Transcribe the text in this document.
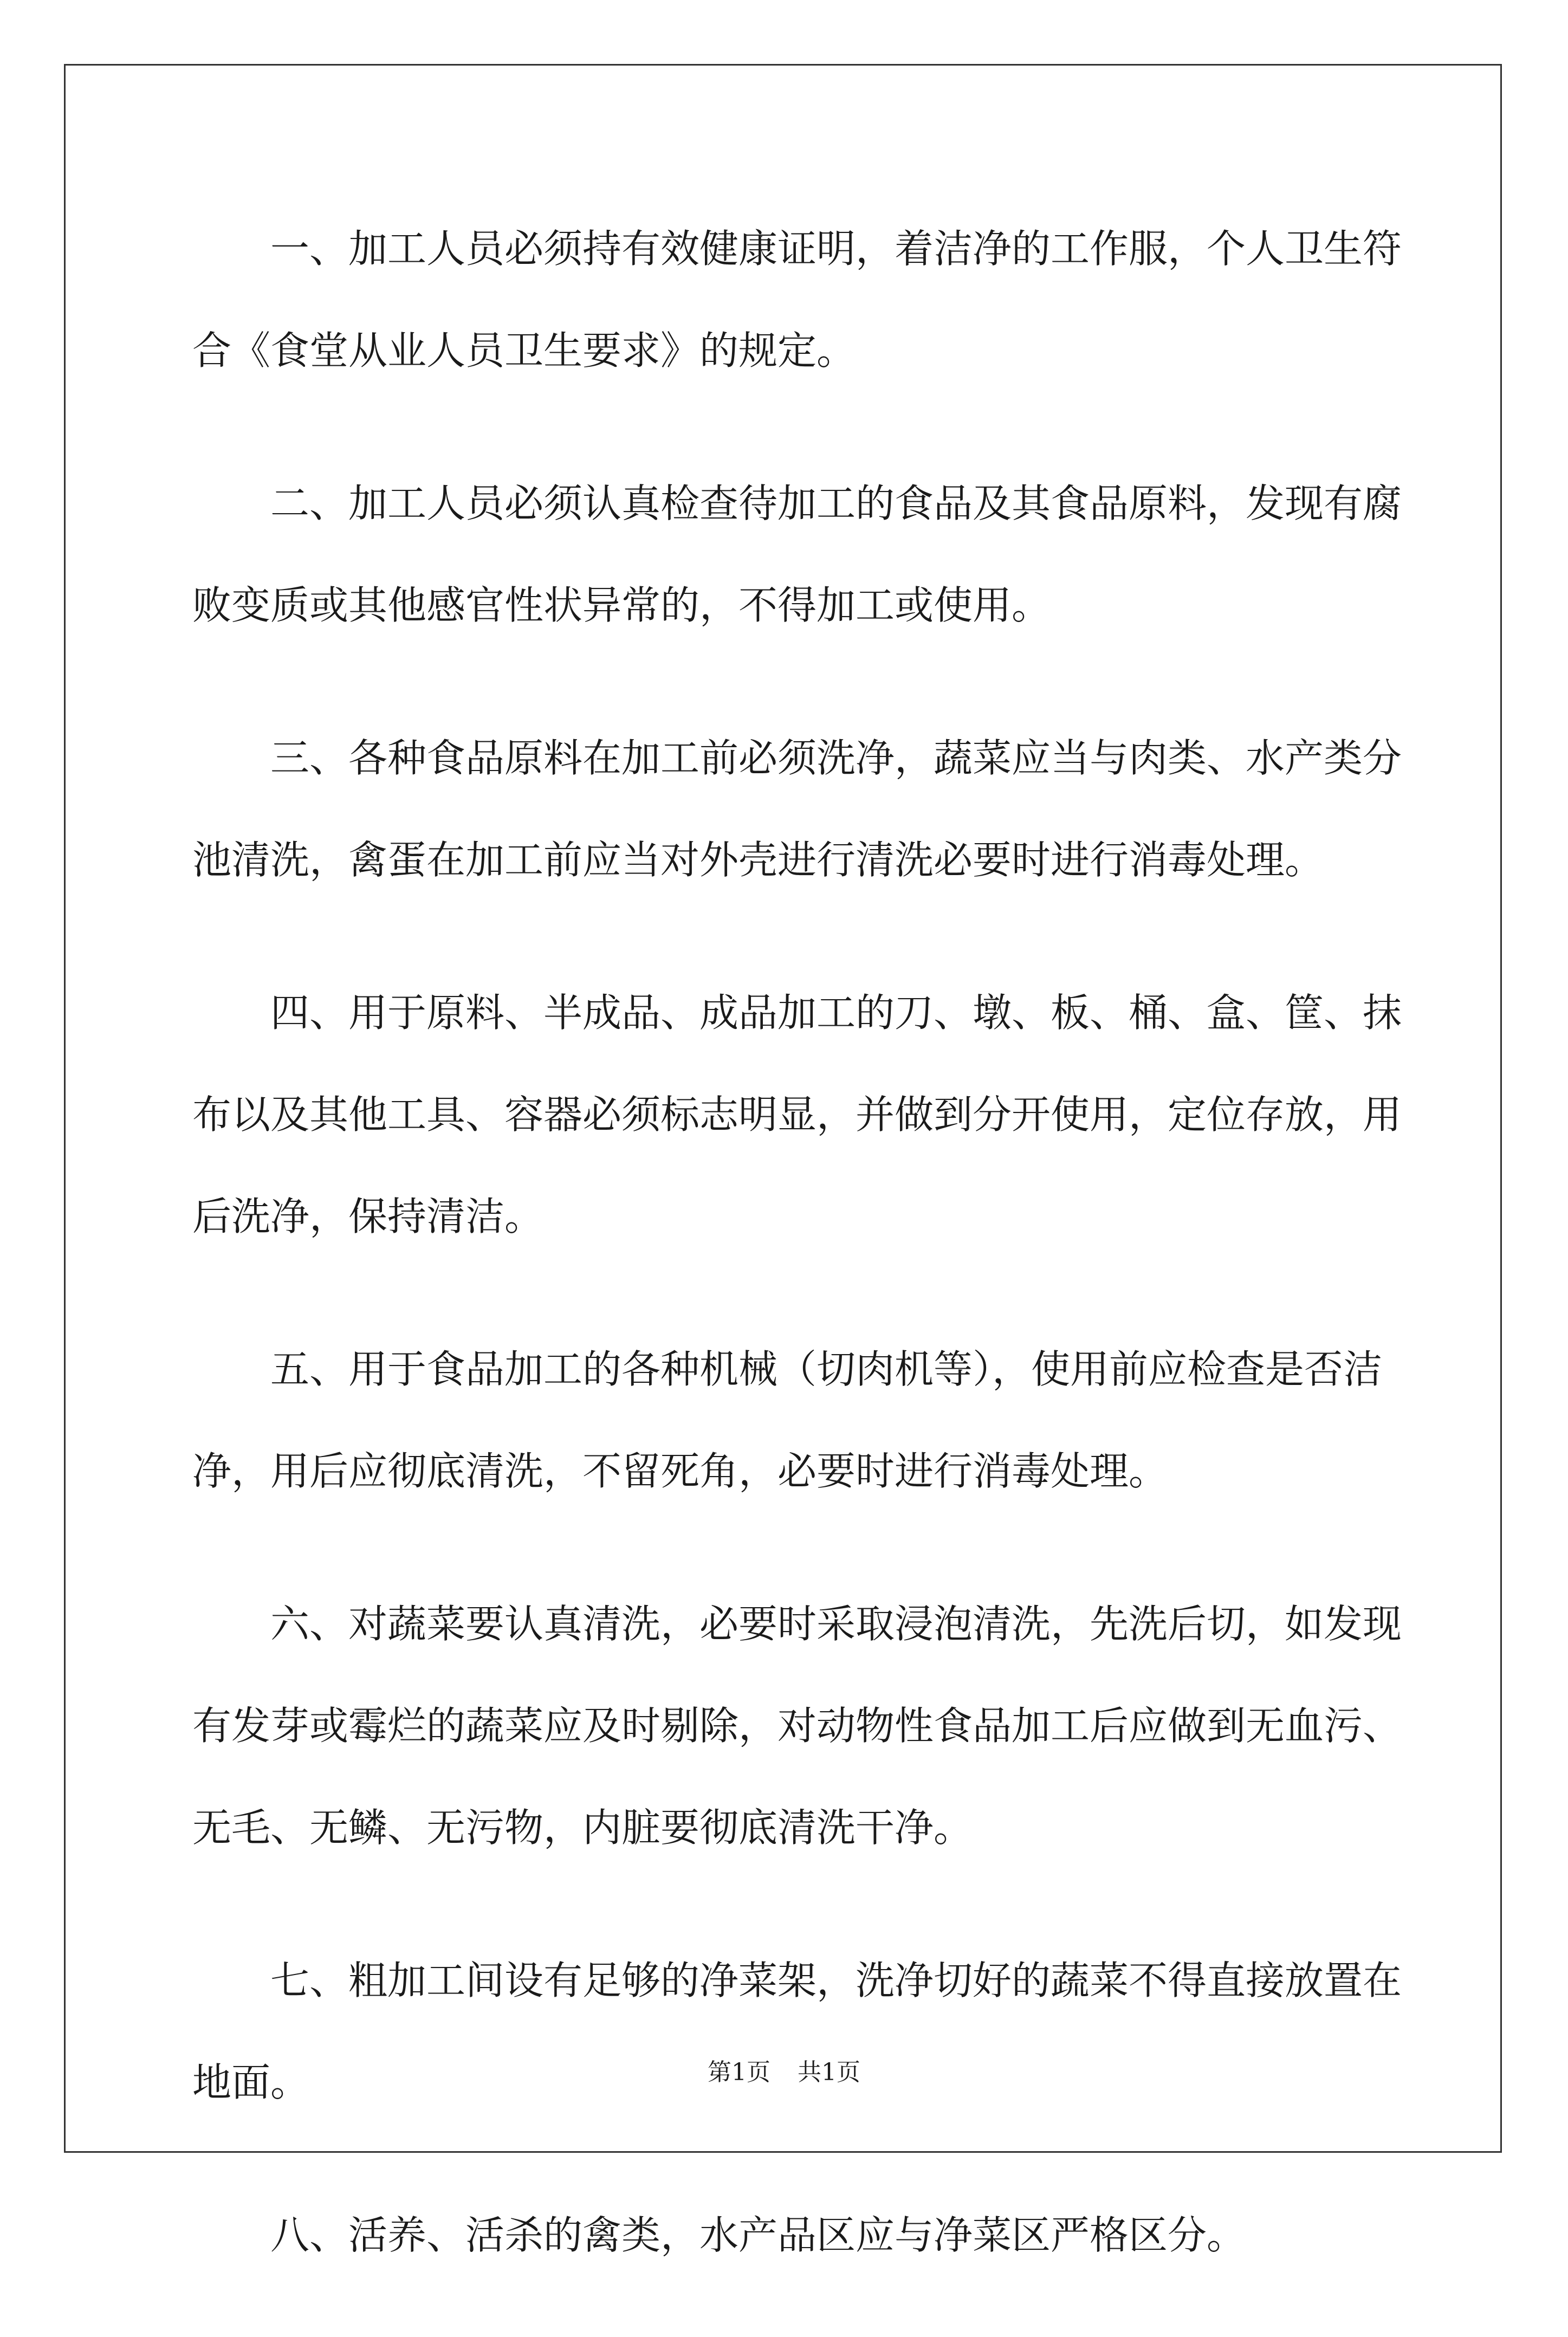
一、加工人员必须持有效健康证明，着洁净的工作服，个人卫生符合《食堂从业人员卫生要求》的规定。

二、加工人员必须认真检查待加工的食品及其食品原料，发现有腐败变质或其他感官性状异常的，不得加工或使用。

三、各种食品原料在加工前必须洗净，蔬菜应当与肉类、水产类分池清洗，禽蛋在加工前应当对外壳进行清洗必要时进行消毒处理。

四、用于原料、半成品、成品加工的刀、墩、板、桶、盒、筐、抹布以及其他工具、容器必须标志明显，并做到分开使用，定位存放，用后洗净，保持清洁。

五、用于食品加工的各种机械（切肉机等），使用前应检查是否洁净，用后应彻底清洗，不留死角，必要时进行消毒处理。

六、对蔬菜要认真清洗，必要时采取浸泡清洗，先洗后切，如发现有发芽或霉烂的蔬菜应及时剔除，对动物性食品加工后应做到无血污、无毛、无鳞、无污物，内脏要彻底清洗干净。

七、粗加工间设有足够的净菜架，洗净切好的蔬菜不得直接放置在地面。

八、活养、活杀的禽类，水产品区应与净菜区严格区分。

第1页 共1页
